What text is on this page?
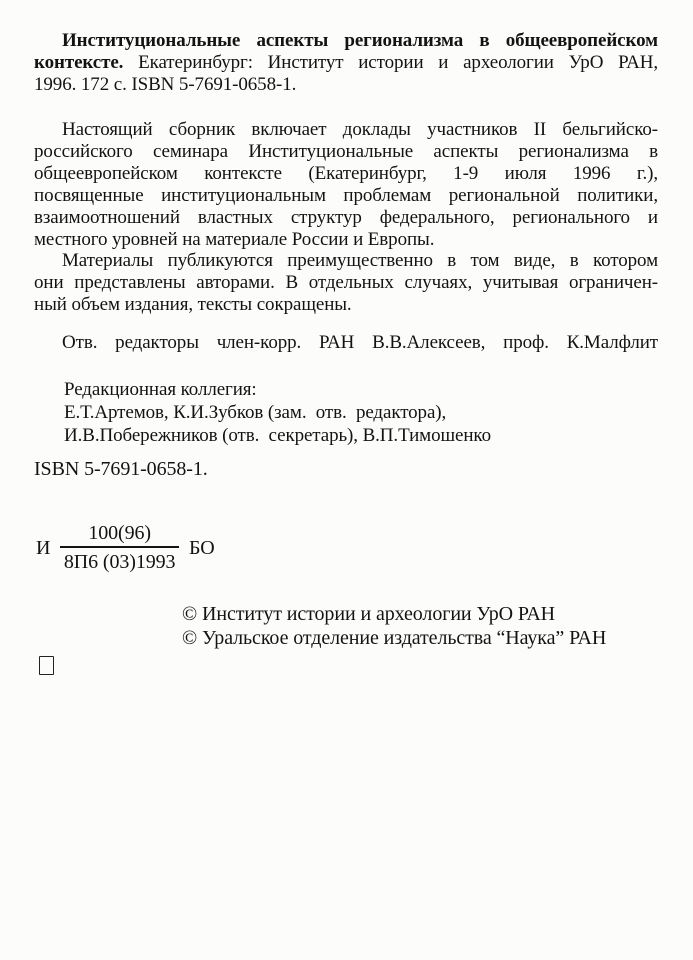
Институциональные аспекты регионализма в общеевропейском
контексте. Екатеринбург: Институт истории и археологии УрО РАН,
1996. 172 с. ISBN 5-7691-0658-1.
Настоящий сборник включает доклады участников II бельгийско-
российского семинара Институциональные аспекты регионализма в
общеевропейском контексте (Екатеринбург, 1-9 июля 1996 г.),
посвященные институциональным проблемам региональной политики,
взаимоотношений властных структур федерального, регионального и
местного уровней на материале России и Европы.
Материалы публикуются преимущественно в том виде, в котором
они представлены авторами. В отдельных случаях, учитывая ограничен-
ный объем издания, тексты сокращены.
Отв. редакторы член-корр. РАН В.В.Алексеев, проф. К.Малфлит
Редакционная коллегия:
Е.Т.Артемов, К.И.Зубков (зам.  отв.  редактора),
И.В.Побережников (отв.  секретарь), В.П.Тимошенко
ISBN 5-7691-0658-1.
И $\frac{100(96)}{8П6 (03)1993}$ БО
© Институт истории и археологии УрО РАН
© Уральское отделение издательства “Наука” РАН
